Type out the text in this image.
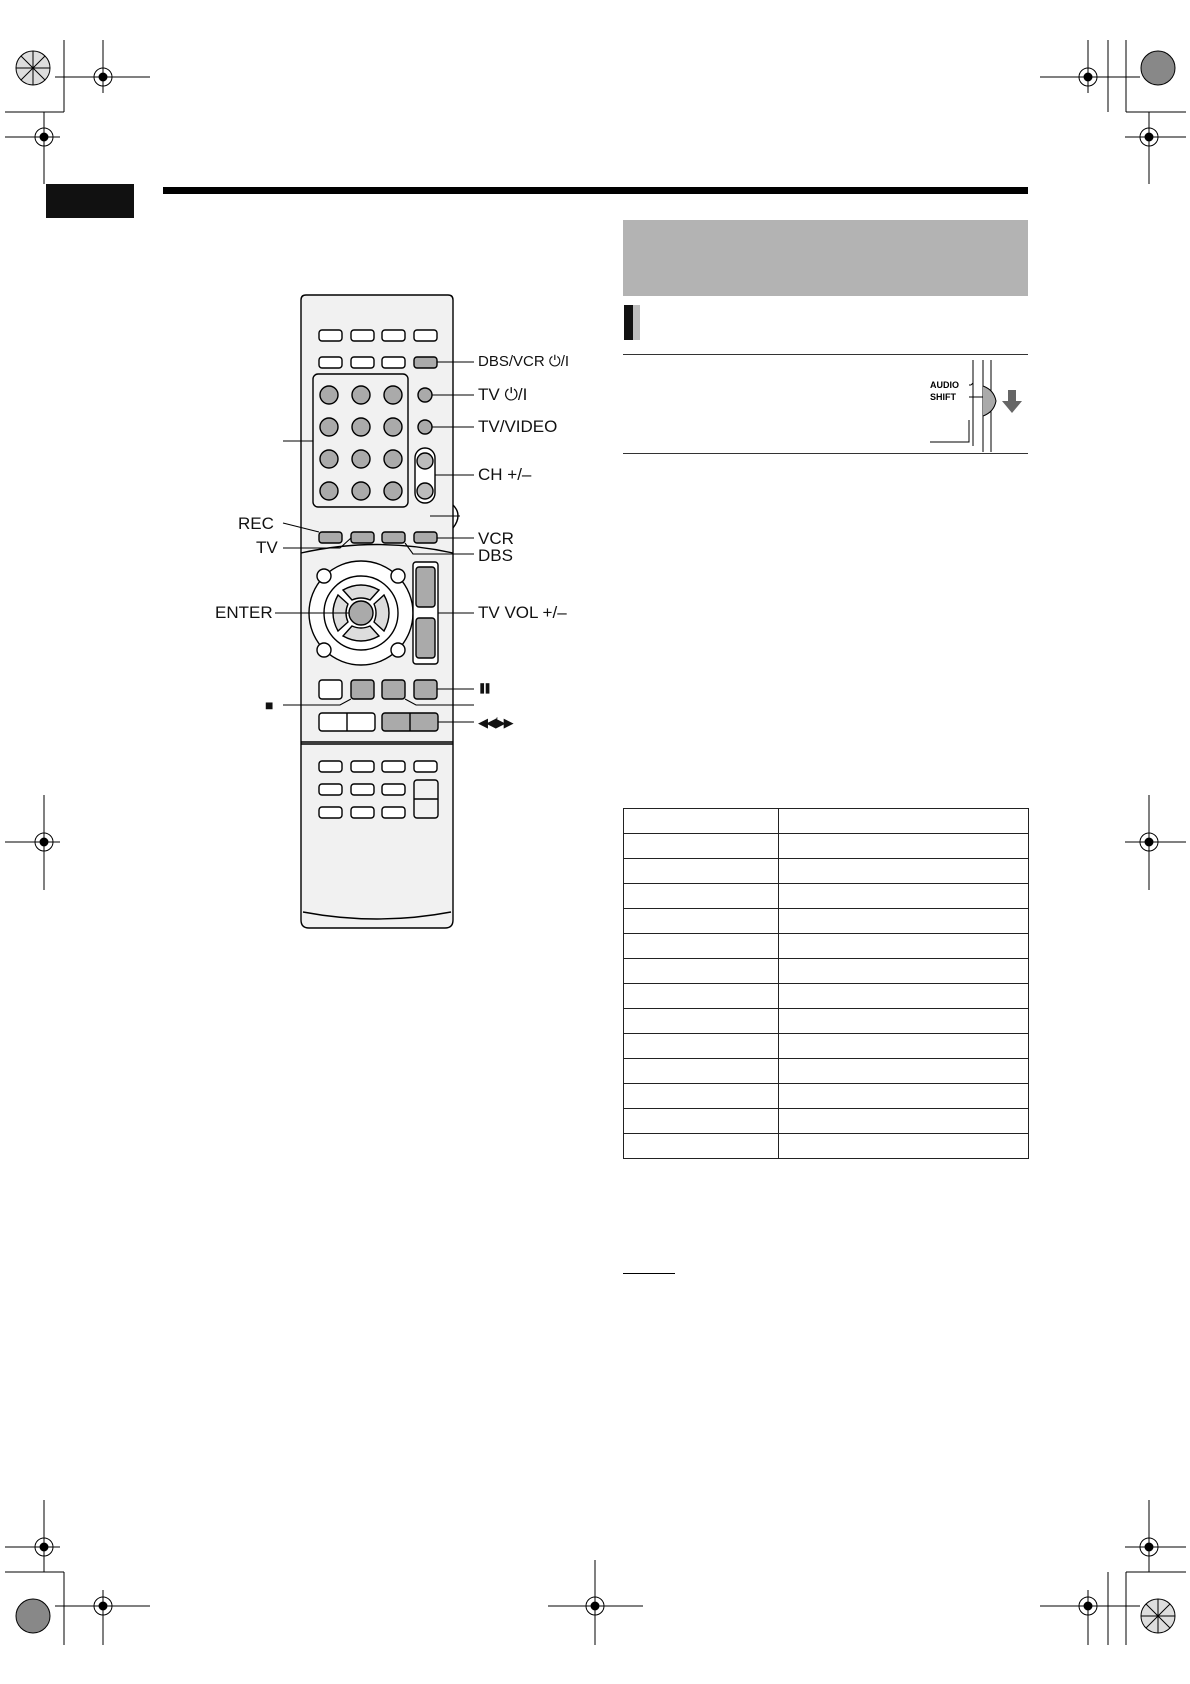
DBS/VCR ⏻/I
TV ⏻/I
TV/VIDEO
CH +/–
REC
TV	VCR
DBS
ENTER	TV VOL +/–
❚❚
■
◀◀/▶▶
AUDIO
SHIFT
